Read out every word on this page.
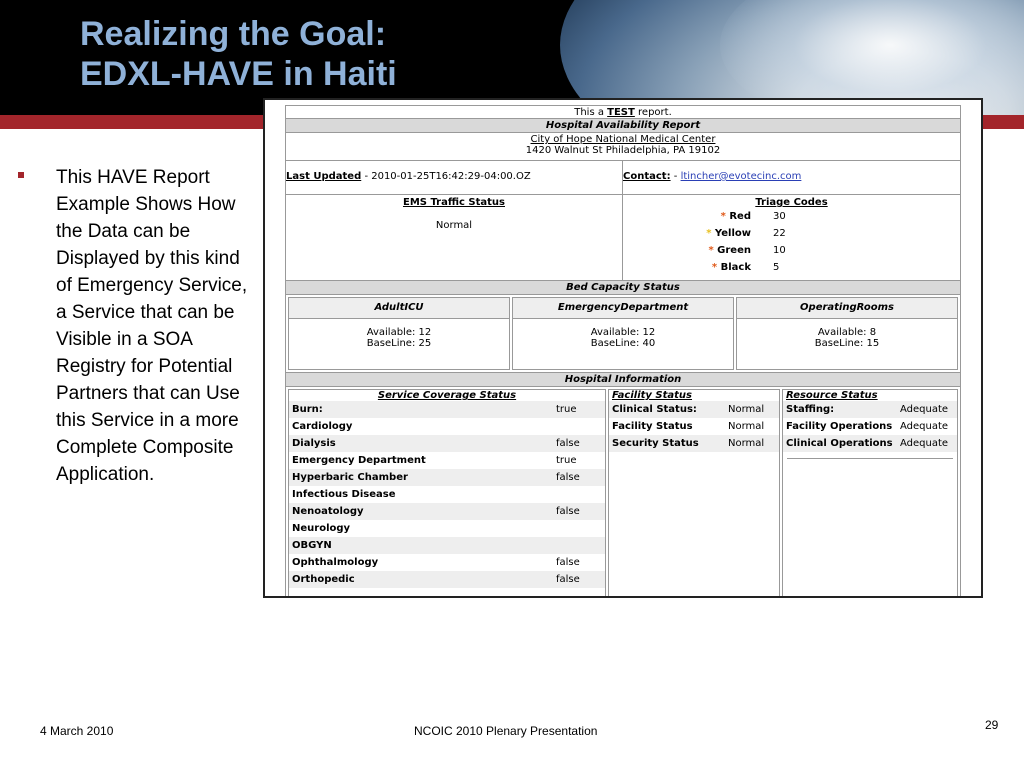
Realizing the Goal:
EDXL-HAVE in Haiti
This HAVE Report Example Shows How the Data can be Displayed by this kind of Emergency Service, a Service that can be Visible in a SOA Registry for Potential Partners that can Use this Service in a more Complete Composite Application.
This a TEST report.
Hospital Availability Report
City of Hope National Medical Center
1420 Walnut St Philadelphia, PA 19102
Last Updated - 2010-01-25T16:42:29-04:00.OZ	Contact: - ltincher@evotecinc.com
EMS Traffic Status
Normal
Triage Codes
* Red 30
* Yellow 22
* Green 10
* Black 5
Bed Capacity Status
AdultICU
Available: 12
BaseLine: 25
EmergencyDepartment
Available: 12
BaseLine: 40
OperatingRooms
Available: 8
BaseLine: 15
Hospital Information
Service Coverage Status
Burn:	true
Cardiology	
Dialysis	false
Emergency Department	true
Hyperbaric Chamber	false
Infectious Disease	
Nenoatology	false
Neurology	
OBGYN	
Ophthalmology	false
Orthopedic	false
Facility Status
Clinical Status:	Normal
Facility Status	Normal
Security Status	Normal
Resource Status
Staffing:	Adequate
Facility Operations	Adequate
Clinical Operations	Adequate
4 March 2010	NCOIC 2010 Plenary Presentation	29
